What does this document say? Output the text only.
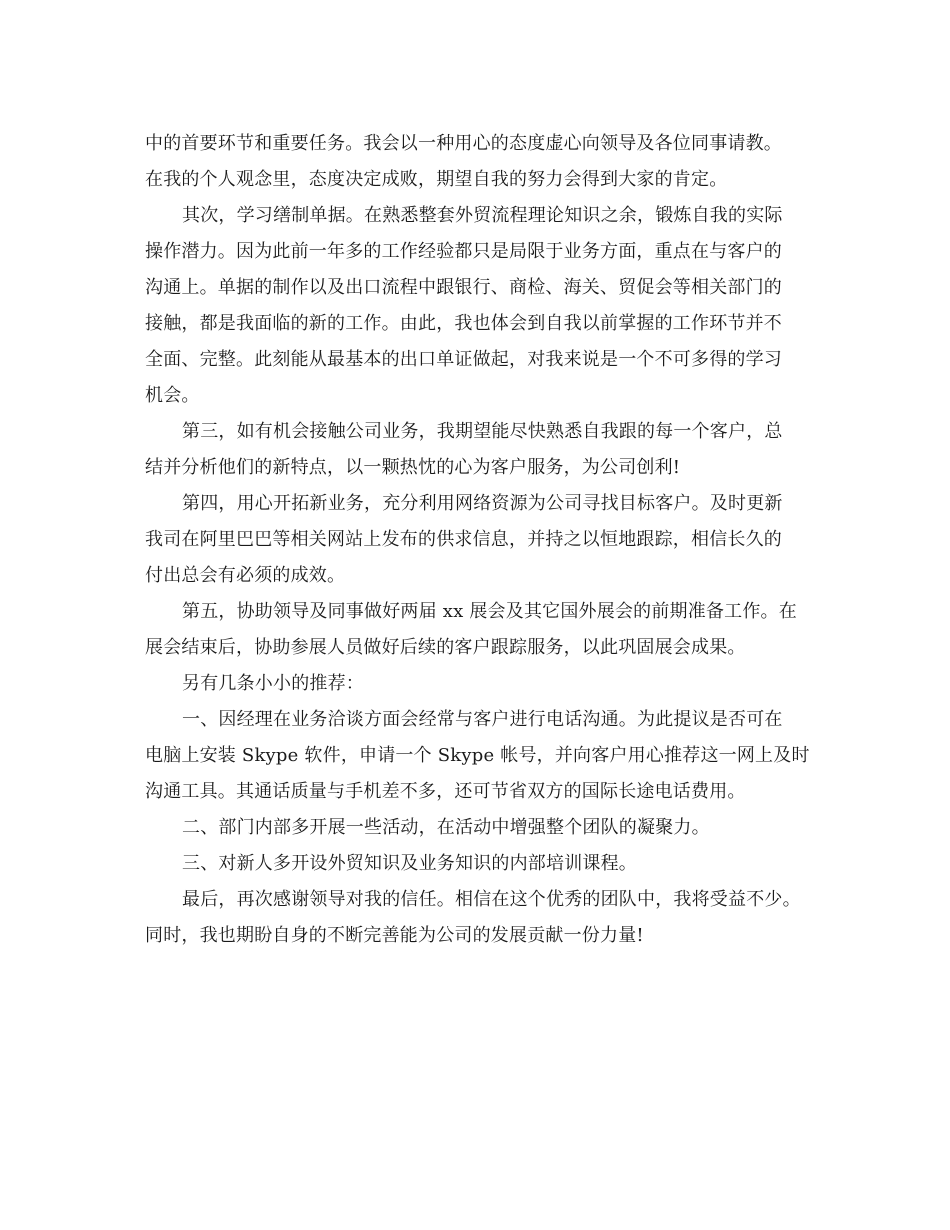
中的首要环节和重要任务。我会以一种用心的态度虚心向领导及各位同事请教。
在我的个人观念里，态度决定成败，期望自我的努力会得到大家的肯定。
其次，学习缮制单据。在熟悉整套外贸流程理论知识之余，锻炼自我的实际
操作潜力。因为此前一年多的工作经验都只是局限于业务方面，重点在与客户的
沟通上。单据的制作以及出口流程中跟银行、商检、海关、贸促会等相关部门的
接触，都是我面临的新的工作。由此，我也体会到自我以前掌握的工作环节并不
全面、完整。此刻能从最基本的出口单证做起，对我来说是一个不可多得的学习
机会。
第三，如有机会接触公司业务，我期望能尽快熟悉自我跟的每一个客户，总
结并分析他们的新特点，以一颗热忱的心为客户服务，为公司创利!
第四，用心开拓新业务，充分利用网络资源为公司寻找目标客户。及时更新
我司在阿里巴巴等相关网站上发布的供求信息，并持之以恒地跟踪，相信长久的
付出总会有必须的成效。
第五，协助领导及同事做好两届 xx 展会及其它国外展会的前期准备工作。在
展会结束后，协助参展人员做好后续的客户跟踪服务，以此巩固展会成果。
另有几条小小的推荐：
一、因经理在业务洽谈方面会经常与客户进行电话沟通。为此提议是否可在
电脑上安装 Skype 软件，申请一个 Skype 帐号，并向客户用心推荐这一网上及时
沟通工具。其通话质量与手机差不多，还可节省双方的国际长途电话费用。
二、部门内部多开展一些活动，在活动中增强整个团队的凝聚力。
三、对新人多开设外贸知识及业务知识的内部培训课程。
最后，再次感谢领导对我的信任。相信在这个优秀的团队中，我将受益不少。
同时，我也期盼自身的不断完善能为公司的发展贡献一份力量!
